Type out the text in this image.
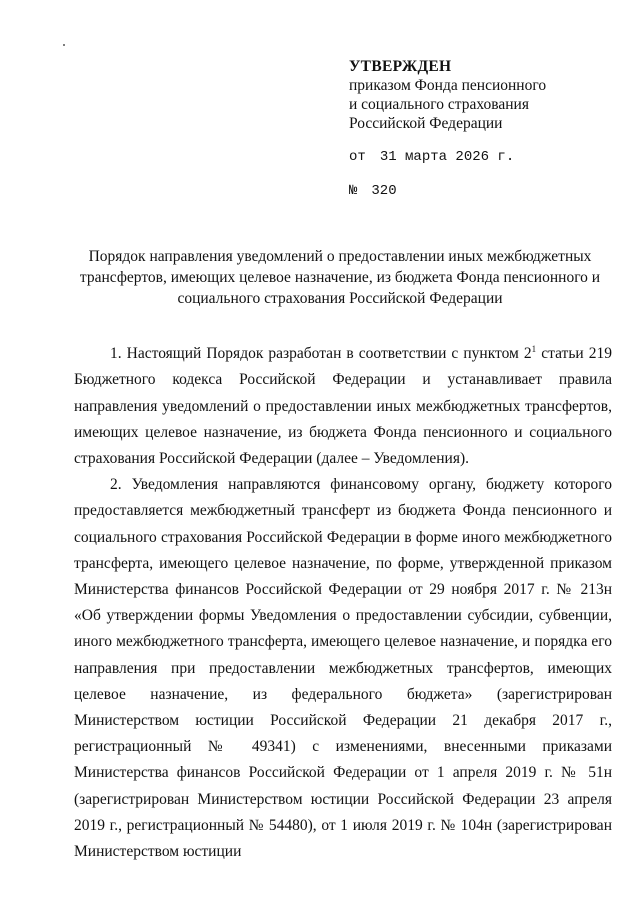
УТВЕРЖДЕН
приказом Фонда пенсионного
и социального страхования
Российской Федерации
от 31 марта 2026 г.
№ 320
Порядок направления уведомлений о предоставлении иных межбюджетных трансфертов, имеющих целевое назначение, из бюджета Фонда пенсионного и социального страхования Российской Федерации

1. Настоящий Порядок разработан в соответствии с пунктом $2^1$ статьи 219 Бюджетного кодекса Российской Федерации и устанавливает правила направления уведомлений о предоставлении иных межбюджетных трансфертов, имеющих целевое назначение, из бюджета Фонда пенсионного и социального страхования Российской Федерации (далее – Уведомления).

2. Уведомления направляются финансовому органу, бюджету которого предоставляется межбюджетный трансферт из бюджета Фонда пенсионного и социального страхования Российской Федерации в форме иного межбюджетного трансферта, имеющего целевое назначение, по форме, утвержденной приказом Министерства финансов Российской Федерации от 29 ноября 2017 г. № 213н «Об утверждении формы Уведомления о предоставлении субсидии, субвенции, иного межбюджетного трансферта, имеющего целевое назначение, и порядка его направления при предоставлении межбюджетных трансфертов, имеющих целевое назначение, из федерального бюджета» (зарегистрирован Министерством юстиции Российской Федерации 21 декабря 2017 г., регистрационный № 49341) с изменениями, внесенными приказами Министерства финансов Российской Федерации от 1 апреля 2019 г. № 51н (зарегистрирован Министерством юстиции Российской Федерации 23 апреля 2019 г., регистрационный № 54480), от 1 июля 2019 г. № 104н (зарегистрирован Министерством юстиции
